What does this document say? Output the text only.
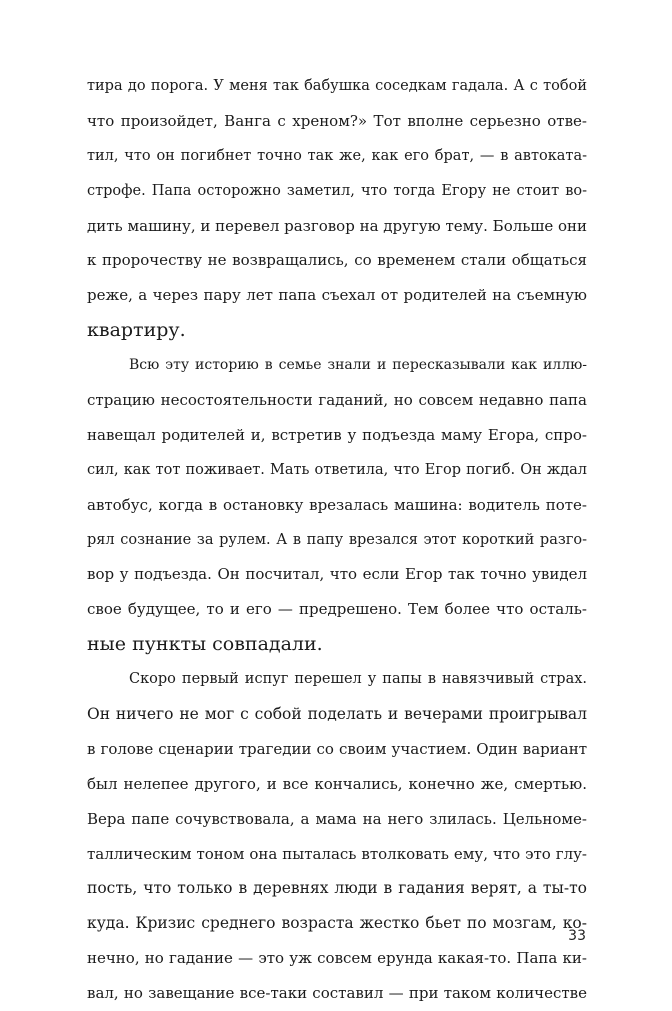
тира до порога. У меня так бабушка соседкам гадала. А с тобой
что произойдет, Ванга с хреном?» Тот вполне серьезно отве-
тил, что он погибнет точно так же, как его брат, — в автоката-
строфе. Папа осторожно заметил, что тогда Егору не стоит во-
дить машину, и перевел разговор на другую тему. Больше они
к пророчеству не возвращались, со временем стали общаться
реже, а через пару лет папа съехал от родителей на съемную
квартиру.
Всю эту историю в семье знали и пересказывали как иллю-
страцию несостоятельности гаданий, но совсем недавно папа
навещал родителей и, встретив у подъезда маму Егора, спро-
сил, как тот поживает. Мать ответила, что Егор погиб. Он ждал
автобус, когда в остановку врезалась машина: водитель поте-
рял сознание за рулем. А в папу врезался этот короткий разго-
вор у подъезда. Он посчитал, что если Егор так точно увидел
свое будущее, то и его — предрешено. Тем более что осталь-
ные пункты совпадали.
Скоро первый испуг перешел у папы в навязчивый страх.
Он ничего не мог с собой поделать и вечерами проигрывал
в голове сценарии трагедии со своим участием. Один вариант
был нелепее другого, и все кончались, конечно же, смертью.
Вера папе сочувствовала, а мама на него злилась. Цельноме-
таллическим тоном она пыталась втолковать ему, что это глу-
пость, что только в деревнях люди в гадания верят, а ты-то
куда. Кризис среднего возраста жестко бьет по мозгам, ко-
нечно, но гадание — это уж совсем ерунда какая-то. Папа ки-
вал, но завещание все-таки составил — при таком количестве
33
